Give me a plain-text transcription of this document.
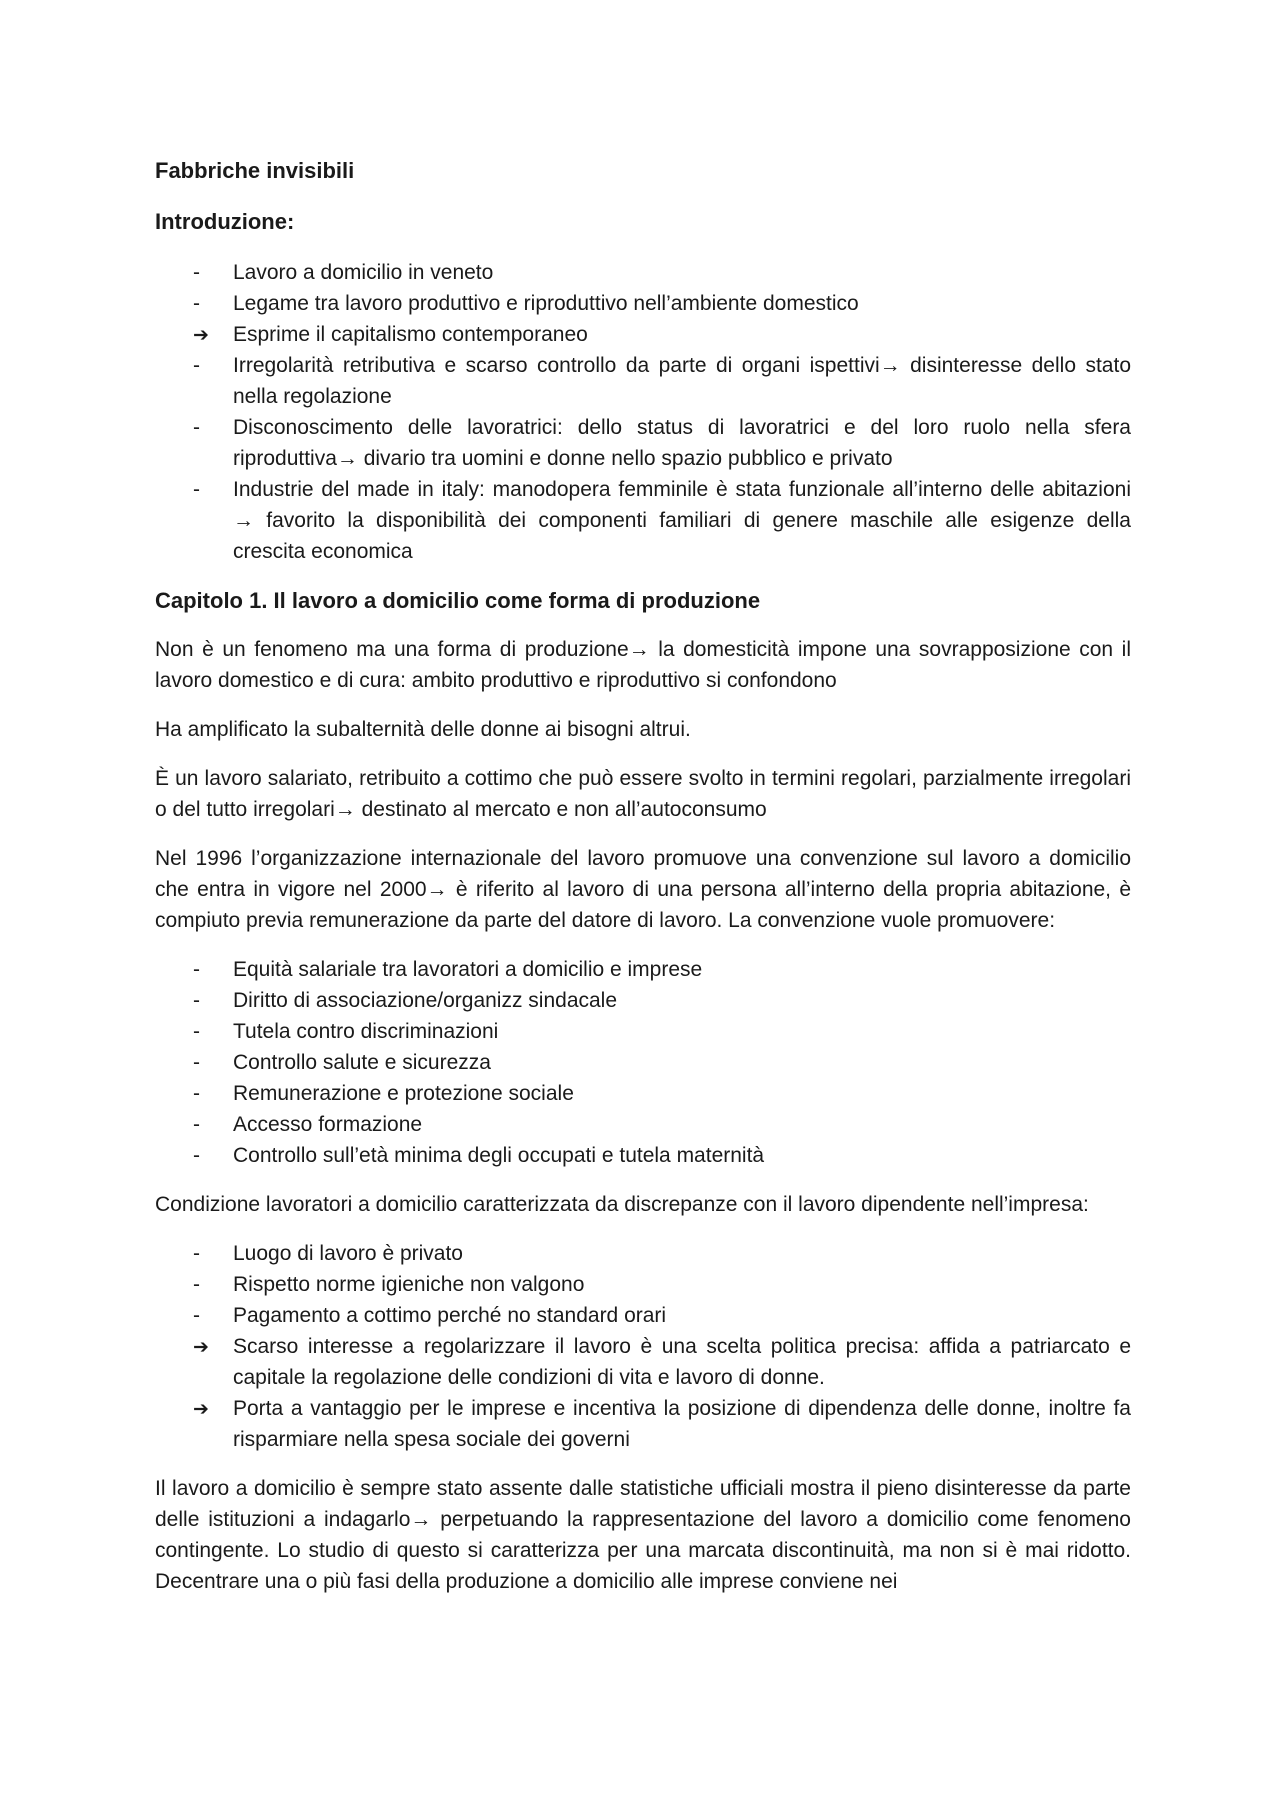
Fabbriche invisibili
Introduzione:
-
Lavoro a domicilio in veneto
-
Legame tra lavoro produttivo e riproduttivo nell’ambiente domestico
➔
Esprime il capitalismo contemporaneo
-
Irregolarità retributiva e scarso controllo da parte di organi ispettivi→ disinteresse dello stato nella regolazione
-
Disconoscimento delle lavoratrici: dello status di lavoratrici e del loro ruolo nella sfera riproduttiva→ divario tra uomini e donne nello spazio pubblico e privato
-
Industrie del made in italy: manodopera femminile è stata funzionale all’interno delle abitazioni → favorito la disponibilità dei componenti familiari di genere maschile alle esigenze della crescita economica
Capitolo 1. Il lavoro a domicilio come forma di produzione

Non è un fenomeno ma una forma di produzione→ la domesticità impone una sovrapposizione con il lavoro domestico e di cura: ambito produttivo e riproduttivo si confondono

Ha amplificato la subalternità delle donne ai bisogni altrui.

È un lavoro salariato, retribuito a cottimo che può essere svolto in termini regolari, parzialmente irregolari o del tutto irregolari→ destinato al mercato e non all’autoconsumo

Nel 1996 l’organizzazione internazionale del lavoro promuove una convenzione sul lavoro a domicilio che entra in vigore nel 2000→ è riferito al lavoro di una persona all’interno della propria abitazione, è compiuto previa remunerazione da parte del datore di lavoro. La convenzione vuole promuovere:

-
Equità salariale tra lavoratori a domicilio e imprese
-
Diritto di associazione/organizz sindacale
-
Tutela contro discriminazioni
-
Controllo salute e sicurezza
-
Remunerazione e protezione sociale
-
Accesso formazione
-
Controllo sull’età minima degli occupati e tutela maternità

Condizione lavoratori a domicilio caratterizzata da discrepanze con il lavoro dipendente nell’impresa:

-
Luogo di lavoro è privato
-
Rispetto norme igieniche non valgono
-
Pagamento a cottimo perché no standard orari
➔
Scarso interesse a regolarizzare il lavoro è una scelta politica precisa: affida a patriarcato e capitale la regolazione delle condizioni di vita e lavoro di donne.
➔
Porta a vantaggio per le imprese e incentiva la posizione di dipendenza delle donne, inoltre fa risparmiare nella spesa sociale dei governi

Il lavoro a domicilio è sempre stato assente dalle statistiche ufficiali mostra il pieno disinteresse da parte delle istituzioni a indagarlo→ perpetuando la rappresentazione del lavoro a domicilio come fenomeno contingente. Lo studio di questo si caratterizza per una marcata discontinuità, ma non si è mai ridotto. Decentrare una o più fasi della produzione a domicilio alle imprese conviene nei
